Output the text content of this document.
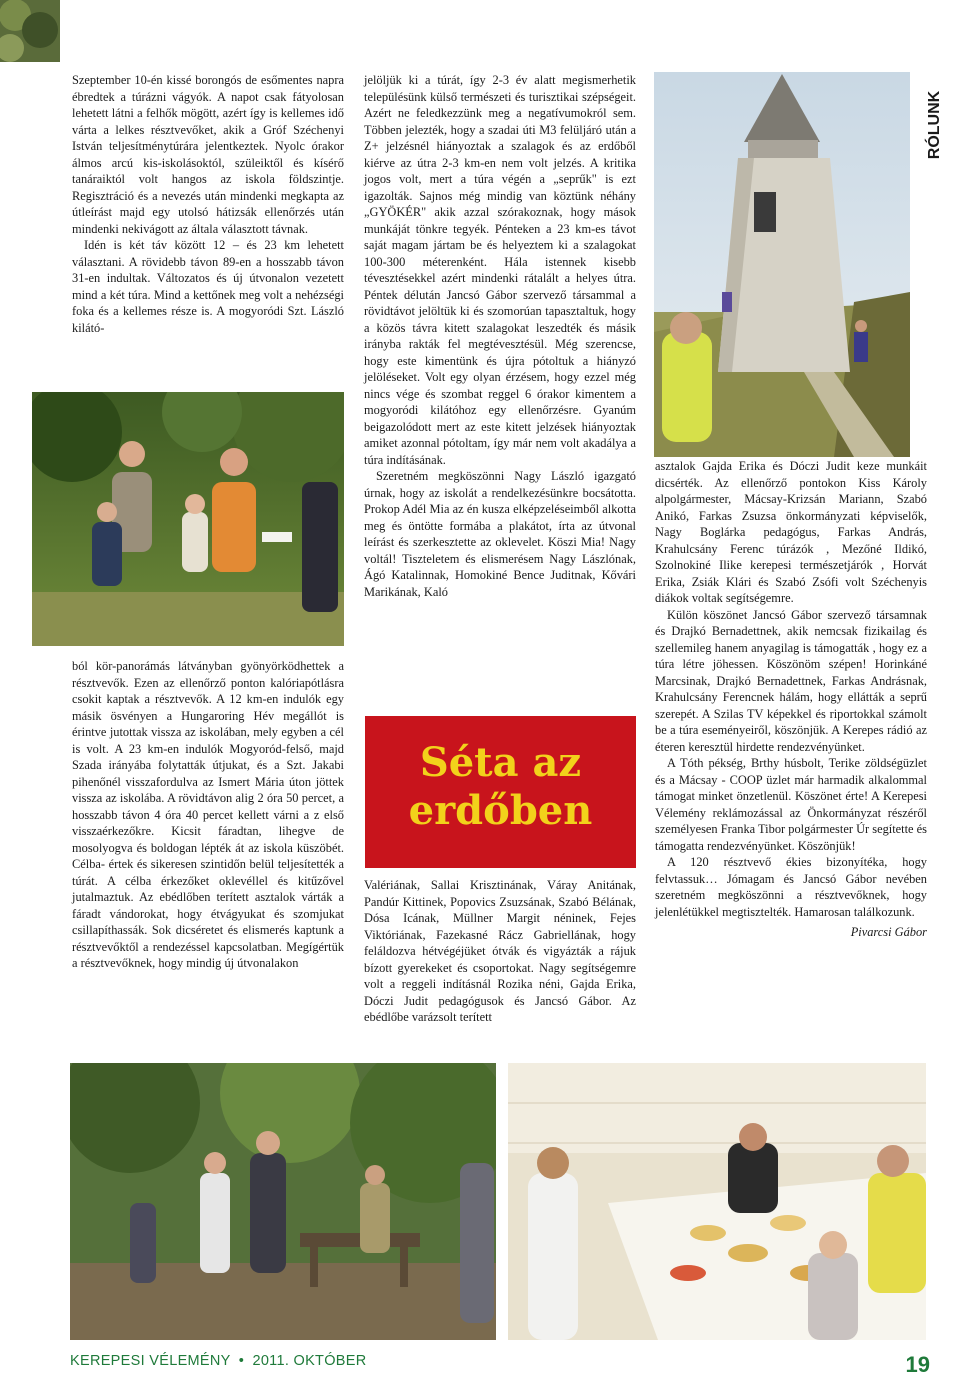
RÓLUNK

Szeptember 10-én kissé borongós de esőmentes napra ébredtek a túrázni vágyók. A napot csak fátyolosan lehetett látni a felhők mögött, azért így is kellemes idő várta a lelkes résztvevőket, akik a Gróf Széchenyi István teljesítménytúrára jelentkeztek. Nyolc órakor álmos arcú kis-iskolásoktól, szüleiktől és kísérő tanáraiktól volt hangos az iskola földszintje. Regisztráció és a nevezés után mindenki megkapta az útleírást majd egy utolsó hátizsák ellenőrzés után mindenki nekivágott az általa választott távnak.

Idén is két táv között 12 – és 23 km lehetett választani. A rövidebb távon 89-en a hosszabb távon 31-en indultak. Változatos és új útvonalon vezetett mind a két túra. Mind a kettőnek meg volt a nehézségi foka és a kellemes része is. A mogyoródi Szt. László kilátó-

ból kör-panorámás látványban gyönyörködhettek a résztvevők. Ezen az ellenőrző ponton kalóriapótlásra csokit kaptak a résztvevők. A 12 km-en indulók egy másik ösvényen a Hungaroring Hév megállót is érintve jutottak vissza az iskolában, mely egyben a cél is volt. A 23 km-en indulók Mogyoród-felső, majd Szada irányába folytatták útjukat, és a Szt. Jakabi pihenőnél visszafordulva az Ismert Mária úton jöttek vissza az iskolába. A rövidtávon alig 2 óra 50 percet, a hosszabb távon 4 óra 40 percet kellett várni a z első visszaérkezőkre. Kicsit fáradtan, lihegve de mosolyogva és boldogan lépték át az iskola küszöbét. Célba- értek és sikeresen szintidőn belül teljesítették a túrát. A célba érkezőket oklevéllel és kitűzővel jutalmaztuk. Az ebédlőben terített asztalok várták a fáradt vándorokat, hogy étvágyukat és szomjukat csillapíthassák. Sok dicséretet és elismerés kaptunk a résztvevőktől a rendezéssel kapcsolatban. Megígértük a résztvevőknek, hogy mindig új útvonalakon

jelöljük ki a túrát, így 2-3 év alatt megismerhetik településünk külső természeti és turisztikai szépségeit. Azért ne feledkezzünk meg a negatívumokról sem. Többen jelezték, hogy a szadai úti M3 felüljáró után a Z+ jelzésnél hiányoztak a szalagok és az erdőből kiérve az útra 2-3 km-en nem volt jelzés. A kritika jogos volt, mert a túra végén a „seprűk" is ezt igazolták. Sajnos még mindig van köztünk néhány „GYÖKÉR" akik azzal szórakoznak, hogy mások munkáját tönkre tegyék. Pénteken a 23 km-es távot saját magam jártam be és helyeztem ki a szalagokat 100-300 méterenként. Hála istennek kisebb tévesztésekkel azért mindenki rátalált a helyes útra. Péntek délután Jancsó Gábor szervező társammal a rövidtávot jelöltük ki és szomorúan tapasztaltuk, hogy a közös távra kitett szalagokat leszedték és másik irányba rakták fel megtévesztésül. Még szerencse, hogy este kimentünk és újra pótoltuk a hiányzó jelöléseket. Volt egy olyan érzésem, hogy ezzel még nincs vége és szombat reggel 6 órakor kimentem a mogyoródi kilátóhoz egy ellenőrzésre. Gyanúm beigazolódott mert az este kitett jelzések hiányoztak amiket azonnal pótoltam, így már nem volt akadálya a túra indításának.

Szeretném megköszönni Nagy László igazgató úrnak, hogy az iskolát a rendelkezésünkre bocsátotta. Prokop Adél Mia az én kusza elképzeléseimből alkotta meg és öntötte formába a plakátot, írta az útvonal leírást és szerkesztette az oklevelet. Köszi Mia! Nagy voltál! Tiszteletem és elismerésem Nagy Lászlónak, Ágó Katalinnak, Homokiné Bence Juditnak, Kővári Marikának, Kaló

Séta az
erdőben

Valériának, Sallai Krisztinának, Váray Anitának, Pandúr Kittinek, Popovics Zsuzsának, Szabó Bélának, Dósa Icának, Müllner Margit néninek, Fejes Viktóriának, Fazekasné Rácz Gabriellának, hogy feláldozva hétvégéjüket ótvák és vigyázták a rájuk bízott gyerekeket és csoportokat. Nagy segítségemre volt a reggeli indításnál Rozika néni, Gajda Erika, Dóczi Judit pedagógusok és Jancsó Gábor. Az ebédlőbe varázsolt terített

asztalok Gajda Erika és Dóczi Judit keze munkáit dicsérték. Az ellenőrző pontokon Kiss Károly alpolgármester, Mácsay-Krizsán Mariann, Szabó Anikó, Farkas Zsuzsa önkormányzati képviselők, Nagy Boglárka pedagógus, Farkas András, Krahulcsány Ferenc túrázók , Mezőné Ildikó, Szolnokiné Ilike kerepesi természetjárók , Horvát Erika, Zsiák Klári és Szabó Zsófi volt Széchenyis diákok voltak segítségemre.

Külön köszönet Jancsó Gábor szervező társamnak és Drajkó Bernadettnek, akik nemcsak fizikailag és szellemileg hanem anyagilag is támogatták , hogy ez a túra létre jöhessen. Köszönöm szépen! Horinkáné Marcsinak, Drajkó Bernadettnek, Farkas Andrásnak, Krahulcsány Ferencnek hálám, hogy ellátták a seprű szerepét. A Szilas TV képekkel és riportokkal számolt be a túra eseményeiről, köszönjük. A Kerepes rádió az éteren keresztül hirdette rendezvényünket.

A Tóth pékség, Brthy húsbolt, Terike zöldségüzlet és a Mácsay - COOP üzlet már harmadik alkalommal támogat minket önzetlenül. Köszönet érte! A Kerepesi Vélemény reklámozással az Önkormányzat részéről személyesen Franka Tibor polgármester Úr segítette és támogatta rendezvényünket. Köszönjük!

A 120 résztvevő ékies bizonyítéka, hogy felvtassuk… Jómagam és Jancsó Gábor nevében szeretném megköszönni a résztvevőknek, hogy jelenlétükkel megtisztelték. Hamarosan találkozunk.

Pivarcsi Gábor
KEREPESI VÉLEMÉNY • 2011. OKTÓBER	19
